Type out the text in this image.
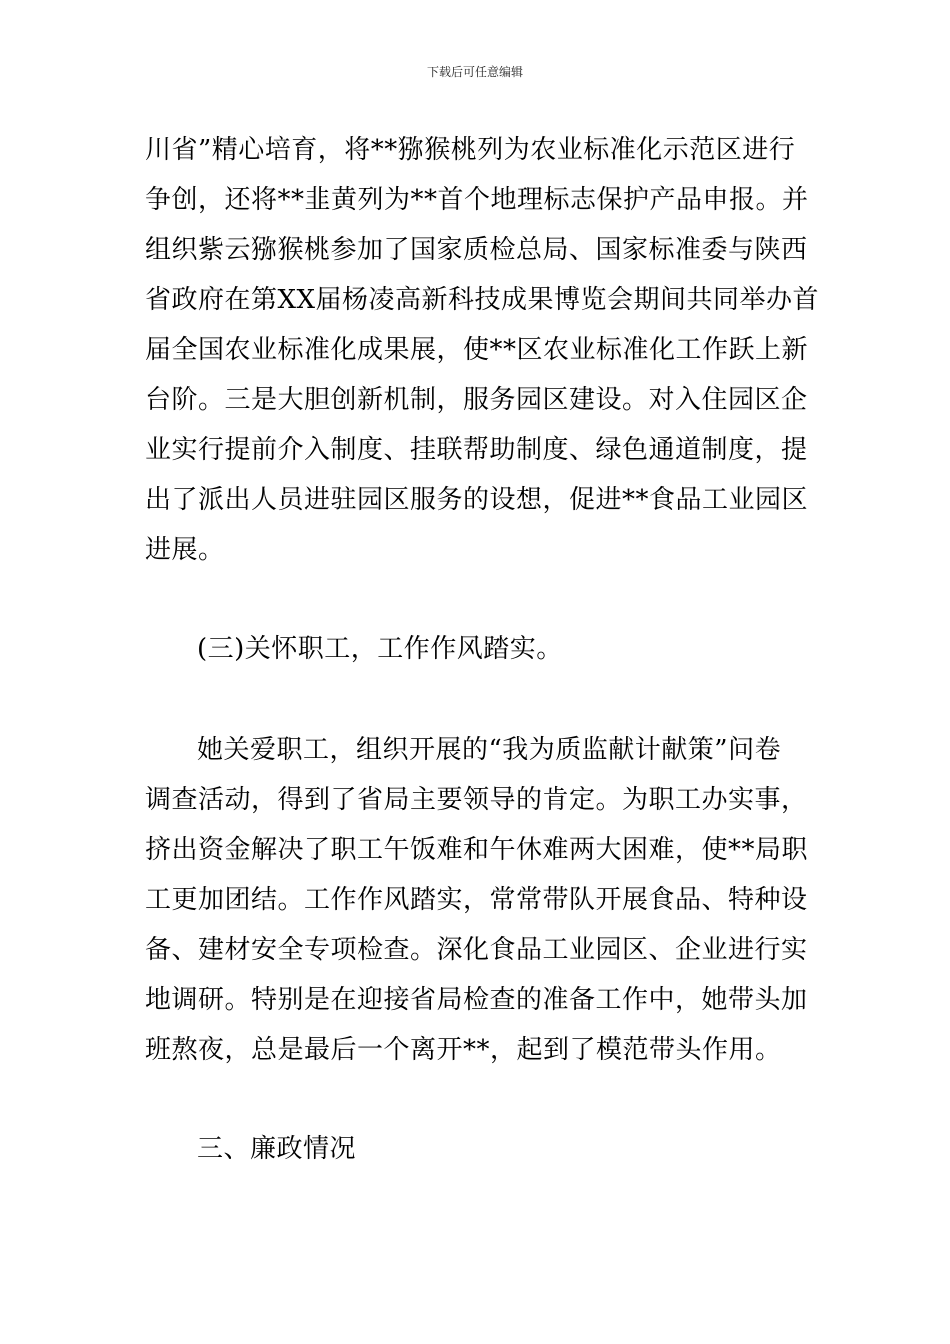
下载后可任意编辑

川省”精心培育，将**猕猴桃列为农业标准化示范区进行
争创，还将**韭黄列为**首个地理标志保护产品申报。并
组织紫云猕猴桃参加了国家质检总局、国家标准委与陕西
省政府在第XX届杨凌高新科技成果博览会期间共同举办首
届全国农业标准化成果展，使**区农业标准化工作跃上新
台阶。三是大胆创新机制，服务园区建设。对入住园区企
业实行提前介入制度、挂联帮助制度、绿色通道制度，提
出了派出人员进驻园区服务的设想，促进**食品工业园区
进展。

(三)关怀职工，工作作风踏实。

她关爱职工，组织开展的“我为质监献计献策”问卷
调查活动，得到了省局主要领导的肯定。为职工办实事，
挤出资金解决了职工午饭难和午休难两大困难，使**局职
工更加团结。工作作风踏实，常常带队开展食品、特种设
备、建材安全专项检查。深化食品工业园区、企业进行实
地调研。特别是在迎接省局检查的准备工作中，她带头加
班熬夜，总是最后一个离开**，起到了模范带头作用。

三、廉政情况
